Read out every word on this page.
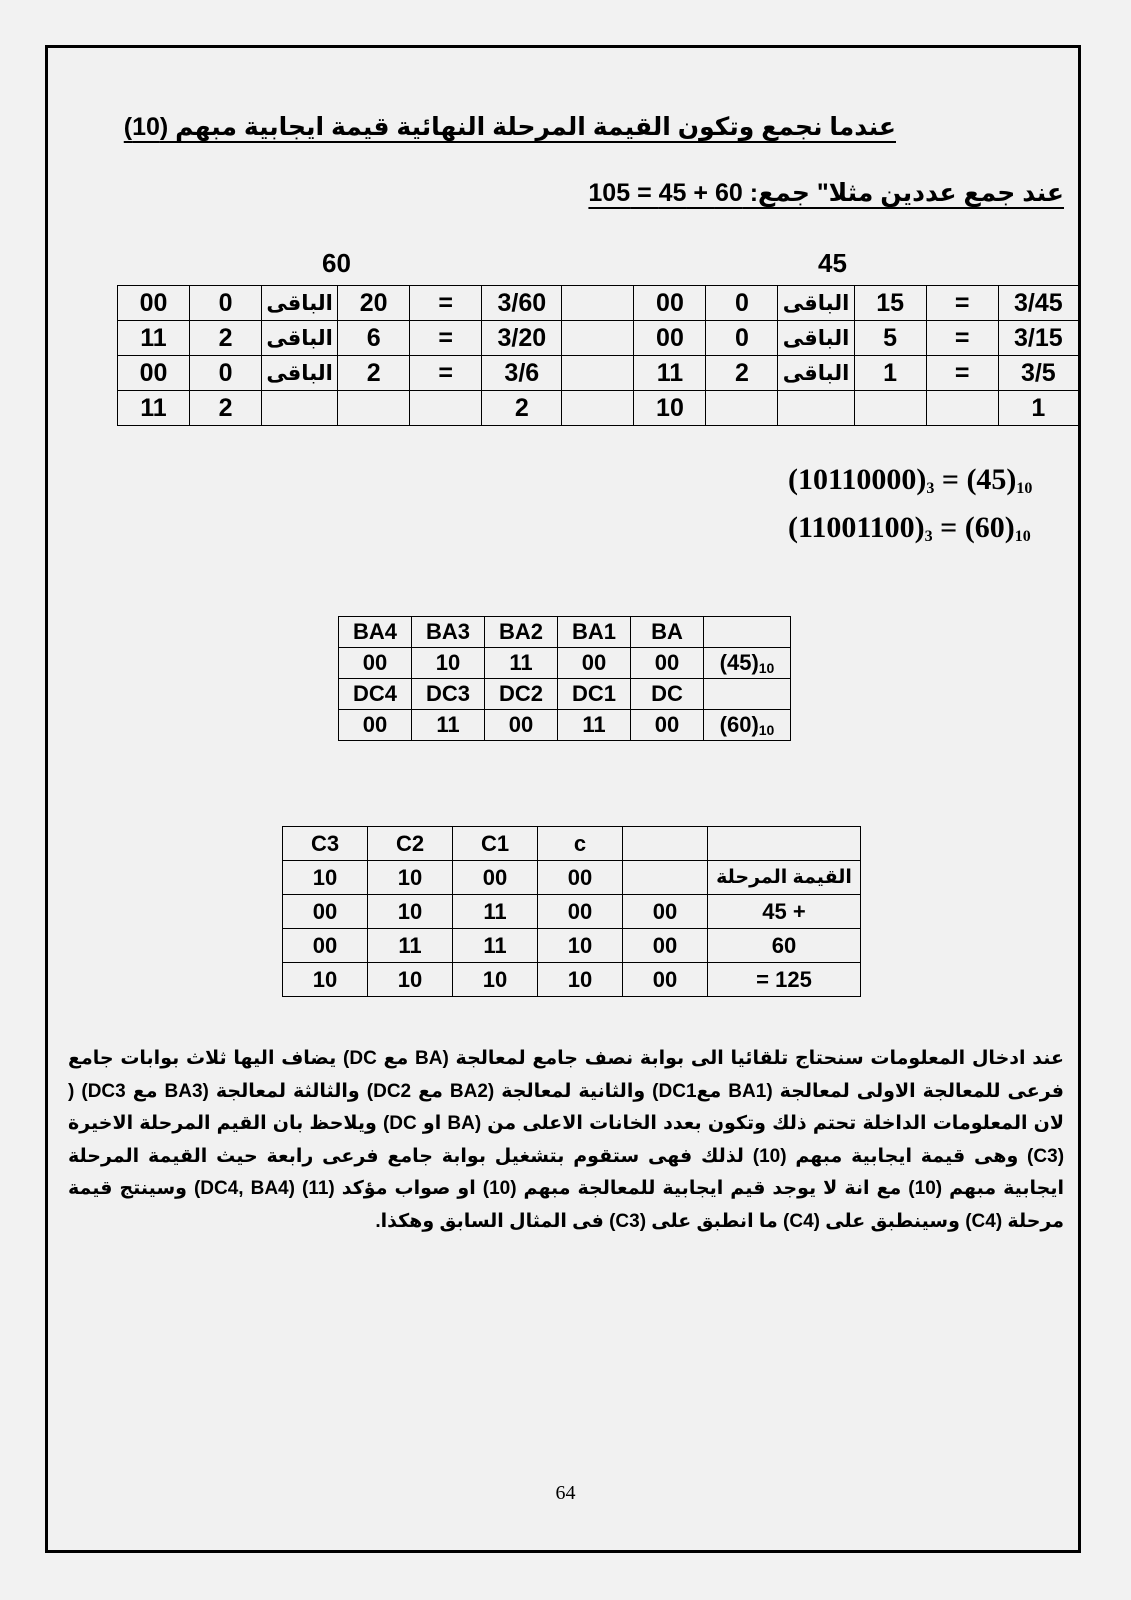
عندما نجمع وتكون القيمة المرحلة النهائية قيمة ايجابية مبهم (10)
عند جمع عددين مثلا" جمع: 60 + 45 = 105
60	45
00	0	الباقى	20	=	3/60		00	0	الباقى	15	=	3/45
11	2	الباقى	6	=	3/20		00	0	الباقى	5	=	3/15
00	0	الباقى	2	=	3/6		11	2	الباقى	1	=	3/5
11	2				2		10					1
$(10110000)_3 = (45)_{10}$
$(11001100)_3 = (60)_{10}$
BA4	BA3	BA2	BA1	BA	
00	10	11	00	00	$(45)_{10}$
DC4	DC3	DC2	DC1	DC	
00	11	00	11	00	$(60)_{10}$
C3	C2	C1	c		
10	10	00	00		القيمة المرحلة
00	10	11	00	00	+ 45
00	11	11	10	00	60
10	10	10	10	00	125 =
عند ادخال المعلومات سنحتاج تلقائيا الى بوابة نصف جامع لمعالجة (BA مع DC) يضاف اليها ثلاث بوابات جامع فرعى للمعالجة الاولى لمعالجة (BA1 معDC1) والثانية لمعالجة (BA2 مع DC2) والثالثة لمعالجة (BA3 مع DC3) ( لان المعلومات الداخلة تحتم ذلك وتكون بعدد الخانات الاعلى من (BA او DC) ويلاحظ بان القيم المرحلة الاخيرة (C3) وهى قيمة ايجابية مبهم (10) لذلك فهى ستقوم بتشغيل بوابة جامع فرعى رابعة حيث القيمة المرحلة ايجابية مبهم (10) مع انة لا يوجد قيم ايجابية للمعالجة مبهم (10) او صواب مؤكد (11) (DC4, BA4) وسينتج قيمة مرحلة (C4) وسينطبق على (C4) ما انطبق على (C3) فى المثال السابق وهكذا.
64
